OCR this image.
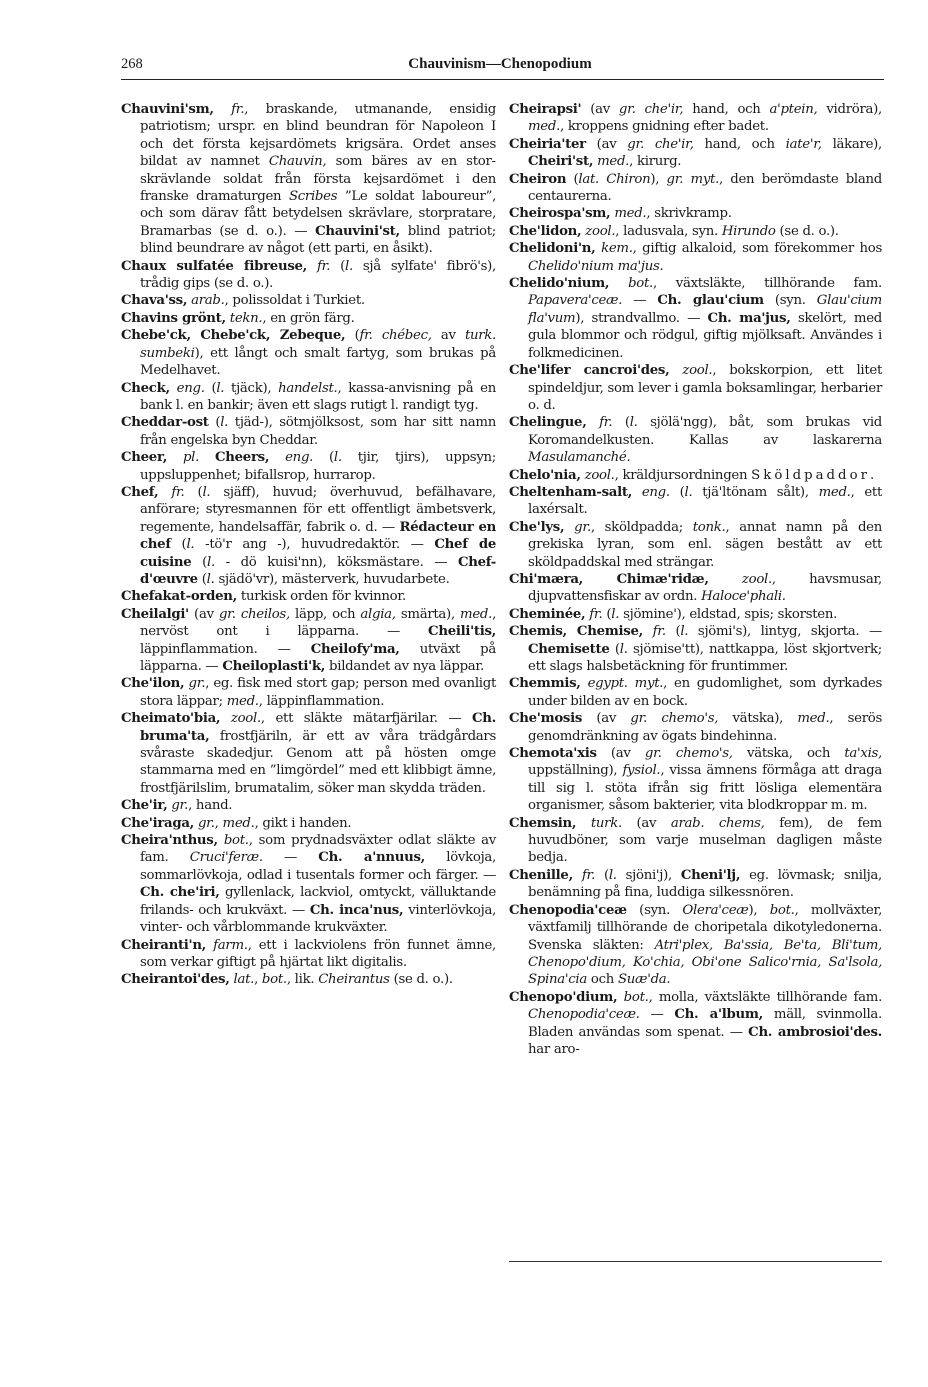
268	Chauvinism—Chenopodium

Chauvini'sm, fr., braskande, utmanande, ensidig patriotism; urspr. en blind beundran för Napoleon I och det första kejsardömets krigsära. Ordet anses bildat av namnet Chauvin, som bäres av en storskrävlande soldat från första kejsardömet i den franske dramaturgen Scribes ”Le soldat laboureur”, och som därav fått betydelsen skrävlare, storpratare, Bramarbas (se d. o.). — Chauvini'st, blind patriot; blind beundrare av något (ett parti, en åsikt).

Chaux sulfatée fibreuse, fr. (l. sjå sylfate' fibrö's), trådig gips (se d. o.).

Chava'ss, arab., polissoldat i Turkiet.

Chavins grönt, tekn., en grön färg.

Chebe'ck, Chebe'ck, Zebeque, (fr. chébec, av turk. sumbeki), ett långt och smalt fartyg, som brukas på Medelhavet.

Check, eng. (l. tjäck), handelst., kassa-anvisning på en bank l. en bankir; även ett slags rutigt l. randigt tyg.

Cheddar-ost (l. tjäd-), sötmjölksost, som har sitt namn från engelska byn Cheddar.

Cheer, pl. Cheers, eng. (l. tjir, tjirs), uppsyn; uppsluppenhet; bifallsrop, hurrarop.

Chef, fr. (l. sjäff), huvud; överhuvud, befälhavare, anförare; styresmannen för ett offentligt ämbetsverk, regemente, handelsaffär, fabrik o. d. — Rédacteur en chef (l. -tö'r ang -), huvudredaktör. — Chef de cuisine (l. - dö kuisi'nn), köksmästare. — Chef-d'œuvre (l. sjädö'vr), mästerverk, huvudarbete.

Chefakat-orden, turkisk orden för kvinnor.

Cheilalgi' (av gr. cheilos, läpp, och algia, smärta), med., nervöst ont i läpparna. — Cheili'tis, läppinflammation. — Cheilofy'ma, utväxt på läpparna. — Cheiloplasti'k, bildandet av nya läppar.

Che'ilon, gr., eg. fisk med stort gap; person med ovanligt stora läppar; med., läppinflammation.

Cheimato'bia, zool., ett släkte mätarfjärilar. — Ch. bruma'ta, frostfjäriln, är ett av våra trädgårdars svåraste skadedjur. Genom att på hösten omge stammarna med en ”limgördel” med ett klibbigt ämne, frostfjärilslim, brumatalim, söker man skydda träden.

Che'ir, gr., hand.

Che'iraga, gr., med., gikt i handen.

Cheira'nthus, bot., som prydnadsväxter odlat släkte av fam. Cruci'feræ. — Ch. a'nnuus, lövkoja, sommarlövkoja, odlad i tusentals former och färger. — Ch. che'iri, gyllenlack, lackviol, omtyckt, välluktande frilands- och krukväxt. — Ch. inca'nus, vinterlövkoja, vinter- och vårblommande krukväxter.

Cheiranti'n, farm., ett i lackviolens frön funnet ämne, som verkar giftigt på hjärtat likt digitalis.

Cheirantoi'des, lat., bot., lik. Cheirantus (se d. o.).

Cheirapsi' (av gr. che'ir, hand, och a'ptein, vidröra), med., kroppens gnidning efter badet.

Cheiria'ter (av gr. che'ir, hand, och iate'r, läkare), Cheiri'st, med., kirurg.

Cheiron (lat. Chiron), gr. myt., den berömdaste bland centaurerna.

Cheirospa'sm, med., skrivkramp.

Che'lidon, zool., ladusvala, syn. Hirundo (se d. o.).

Chelidoni'n, kem., giftig alkaloid, som förekommer hos Chelido'nium ma'jus.

Chelido'nium, bot., växtsläkte, tillhörande fam. Papavera'ceæ. — Ch. glau'cium (syn. Glau'cium fla'vum), strandvallmo. — Ch. ma'jus, skelört, med gula blommor och rödgul, giftig mjölksaft. Användes i folkmedicinen.

Che'lifer cancroi'des, zool., bokskorpion, ett litet spindeldjur, som lever i gamla boksamlingar, herbarier o. d.

Chelingue, fr. (l. sjölä'ngg), båt, som brukas vid Koromandelkusten. Kallas av laskarerna Masulamanché.

Chelo'nia, zool., kräldjursordningen Sköldpaddor.

Cheltenham-salt, eng. (l. tjä'ltönam sålt), med., ett laxérsalt.

Che'lys, gr., sköldpadda; tonk., annat namn på den grekiska lyran, som enl. sägen bestått av ett sköldpaddskal med strängar.

Chi'mæra, Chimæ'ridæ,	zool., havsmusar, djupvattensfiskar av ordn. Haloce'phali.

Cheminée, fr. (l. sjömine'), eldstad, spis; skorsten.

Chemis, Chemise, fr. (l. sjömi's), lintyg, skjorta. — Chemisette (l. sjömise'tt), nattkappa, löst skjortverk; ett slags halsbetäckning för fruntimmer.

Chemmis, egypt. myt., en gudomlighet, som dyrkades under bilden av en bock.

Che'mosis (av gr. chemo's, vätska), med., serös genomdränkning av ögats bindehinna.

Chemota'xis (av gr. chemo's, vätska, och ta'xis, uppställning), fysiol., vissa ämnens förmåga att draga till sig l. stöta ifrån sig fritt lösliga elementära organismer, såsom bakterier, vita blodkroppar m. m.

Chemsin, turk. (av arab. chems, fem), de fem huvudböner, som varje muselman dagligen måste bedja.

Chenille, fr. (l. sjöni'j), Cheni'lj, eg. lövmask; snilja, benämning på fina, luddiga silkessnören.

Chenopodia'ceæ (syn. Olera'ceæ), bot., mollväxter, växtfamilj tillhörande de choripetala dikotyledonerna. Svenska släkten: Atri'plex, Ba'ssia, Be'ta, Bli'tum, Chenopo'dium, Ko'chia, Obi'one Salico'rnia, Sa'lsola, Spina'cia och Suæ'da.

Chenopo'dium, bot., molla, växtsläkte tillhörande fam. Chenopodia'ceæ. — Ch. a'lbum, mäll, svinmolla. Bladen användas som spenat. — Ch. ambrosioi'des. har aro-
